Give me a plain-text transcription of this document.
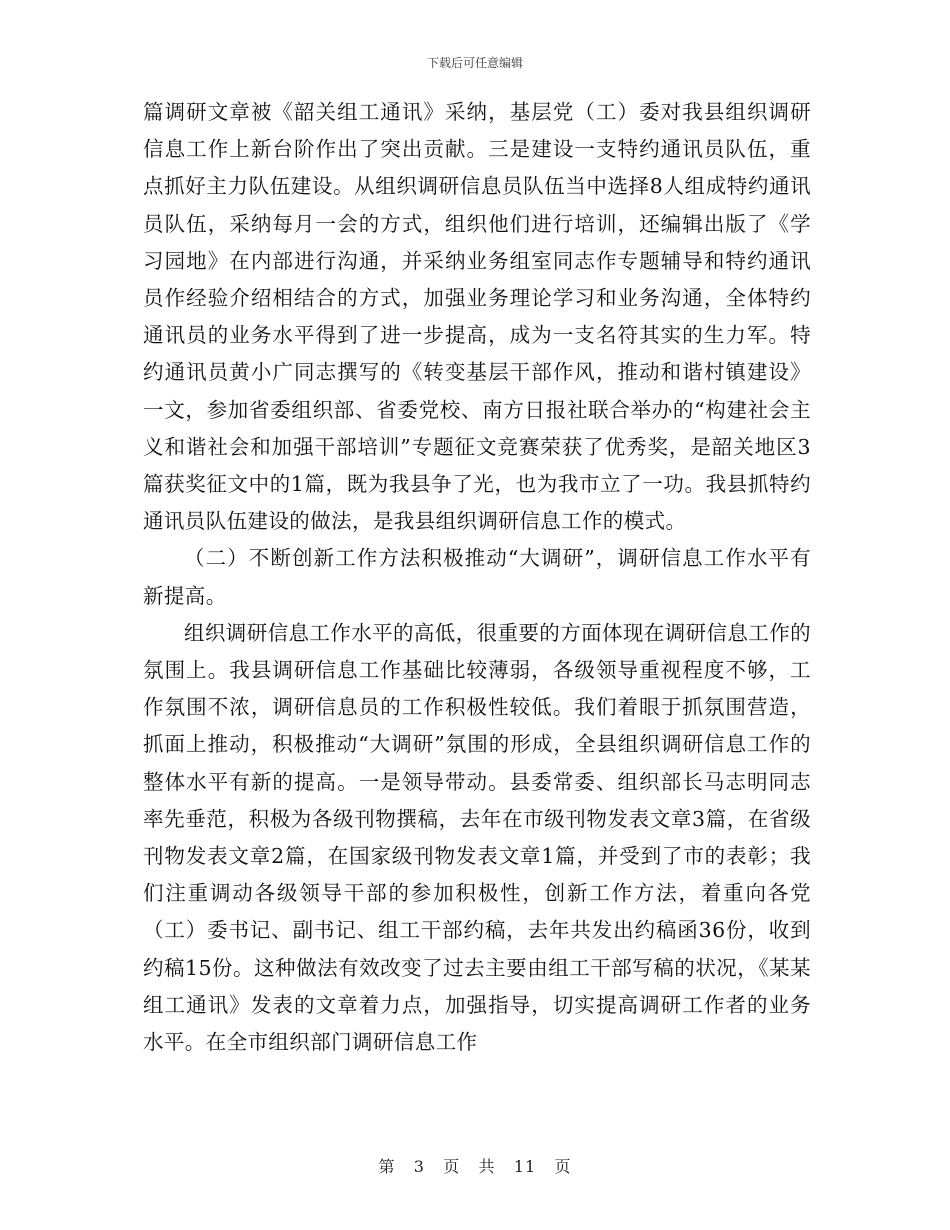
下载后可任意编辑

篇调研文章被《韶关组工通讯》采纳，基层党（工）委对我县组织调研信息工作上新台阶作出了突出贡献。三是建设一支特约通讯员队伍，重点抓好主力队伍建设。从组织调研信息员队伍当中选择8人组成特约通讯员队伍，采纳每月一会的方式，组织他们进行培训，还编辑出版了《学习园地》在内部进行沟通，并采纳业务组室同志作专题辅导和特约通讯员作经验介绍相结合的方式，加强业务理论学习和业务沟通，全体特约通讯员的业务水平得到了进一步提高，成为一支名符其实的生力军。特约通讯员黄小广同志撰写的《转变基层干部作风，推动和谐村镇建设》一文，参加省委组织部、省委党校、南方日报社联合举办的“构建社会主义和谐社会和加强干部培训”专题征文竞赛荣获了优秀奖，是韶关地区3篇获奖征文中的1篇，既为我县争了光，也为我市立了一功。我县抓特约通讯员队伍建设的做法，是我县组织调研信息工作的模式。

（二）不断创新工作方法积极推动“大调研”，调研信息工作水平有新提高。

组织调研信息工作水平的高低，很重要的方面体现在调研信息工作的氛围上。我县调研信息工作基础比较薄弱，各级领导重视程度不够，工作氛围不浓，调研信息员的工作积极性较低。我们着眼于抓氛围营造，抓面上推动，积极推动“大调研”氛围的形成，全县组织调研信息工作的整体水平有新的提高。一是领导带动。县委常委、组织部长马志明同志率先垂范，积极为各级刊物撰稿，去年在市级刊物发表文章3篇，在省级刊物发表文章2篇，在国家级刊物发表文章1篇，并受到了市的表彰；我们注重调动各级领导干部的参加积极性，创新工作方法，着重向各党（工）委书记、副书记、组工干部约稿，去年共发出约稿函36份，收到约稿15份。这种做法有效改变了过去主要由组工干部写稿的状况，《某某组工通讯》发表的文章着力点，加强指导，切实提高调研工作者的业务水平。在全市组织部门调研信息工作

第 3 页 共 11 页
